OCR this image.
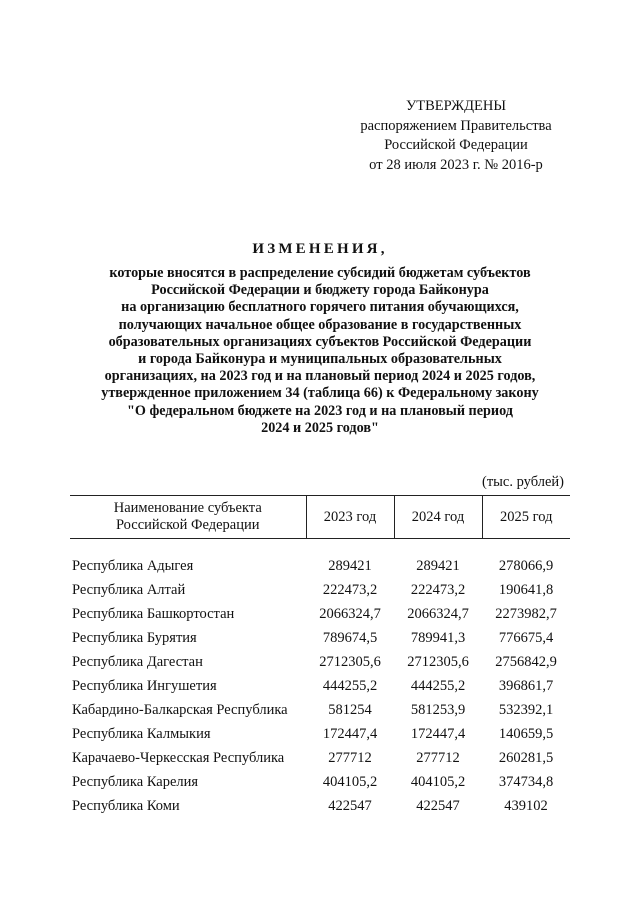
УТВЕРЖДЕНЫ
распоряжением Правительства
Российской Федерации
от 28 июля 2023 г. № 2016-р
ИЗМЕНЕНИЯ,
которые вносятся в распределение субсидий бюджетам субъектов
Российской Федерации и бюджету города Байконура
на организацию бесплатного горячего питания обучающихся,
получающих начальное общее образование в государственных
образовательных организациях субъектов Российской Федерации
и города Байконура и муниципальных образовательных
организациях, на 2023 год и на плановый период 2024 и 2025 годов,
утвержденное приложением 34 (таблица 66) к Федеральному закону
"О федеральном бюджете на 2023 год и на плановый период
2024 и 2025 годов"
(тыс. рублей)
Наименование субъекта
Российской Федерации	2023 год	2024 год	2025 год
Республика Адыгея	289421	289421	278066,9
Республика Алтай	222473,2	222473,2	190641,8
Республика Башкортостан	2066324,7	2066324,7	2273982,7
Республика Бурятия	789674,5	789941,3	776675,4
Республика Дагестан	2712305,6	2712305,6	2756842,9
Республика Ингушетия	444255,2	444255,2	396861,7
Кабардино-Балкарская Республика	581254	581253,9	532392,1
Республика Калмыкия	172447,4	172447,4	140659,5
Карачаево-Черкесская Республика	277712	277712	260281,5
Республика Карелия	404105,2	404105,2	374734,8
Республика Коми	422547	422547	439102
